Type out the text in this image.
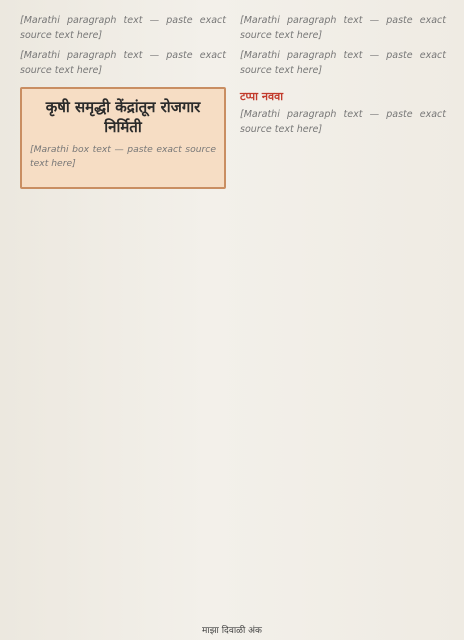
[Marathi paragraph text — paste exact source text here]

[Marathi paragraph text — paste exact source text here]

कृषी समृद्धी केंद्रांतून रोजगार निर्मिती

[Marathi box text — paste exact source text here]

[Marathi paragraph text — paste exact source text here]

[Marathi paragraph text — paste exact source text here]

टप्पा नववा

[Marathi paragraph text — paste exact source text here]

माझा दिवाळी अंक
